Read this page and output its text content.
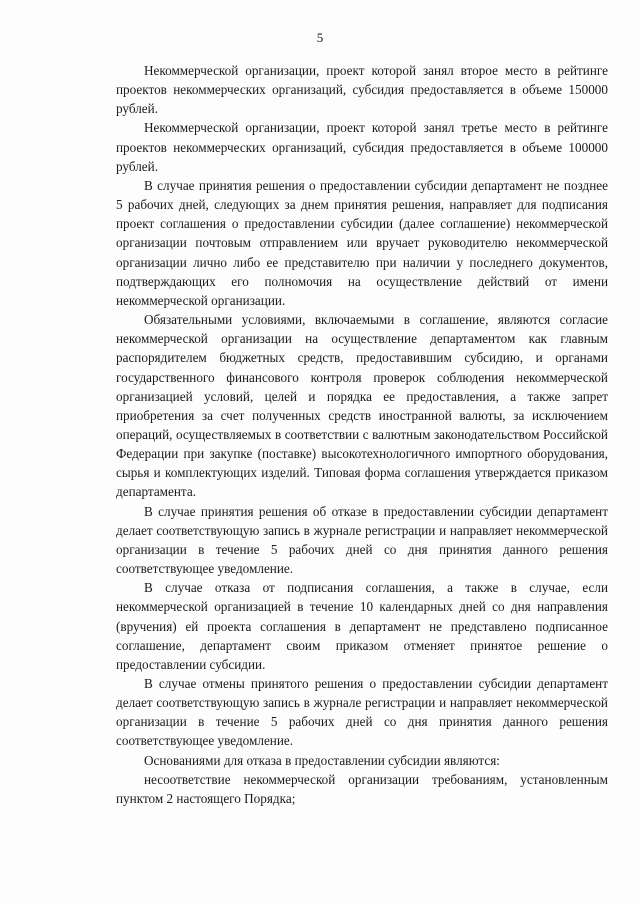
5

Некоммерческой организации, проект которой занял второе место в рейтинге проектов некоммерческих организаций, субсидия предоставляется в объеме 150000 рублей.

Некоммерческой организации, проект которой занял третье место в рейтинге проектов некоммерческих организаций, субсидия предоставляется в объеме 100000 рублей.

В случае принятия решения о предоставлении субсидии департамент не позднее 5 рабочих дней, следующих за днем принятия решения, направляет для подписания проект соглашения о предоставлении субсидии (далее соглашение) некоммерческой организации почтовым отправлением или вручает руководителю некоммерческой организации лично либо ее представителю при наличии у последнего документов, подтверждающих его полномочия на осуществление действий от имени некоммерческой организации.

Обязательными условиями, включаемыми в соглашение, являются согласие некоммерческой организации на осуществление департаментом как главным распорядителем бюджетных средств, предоставившим субсидию, и органами государственного финансового контроля проверок соблюдения некоммерческой организацией условий, целей и порядка ее предоставления, а также запрет приобретения за счет полученных средств иностранной валюты, за исключением операций, осуществляемых в соответствии с валютным законодательством Российской Федерации при закупке (поставке) высокотехнологичного импортного оборудования, сырья и комплектующих изделий. Типовая форма соглашения утверждается приказом департамента.

В случае принятия решения об отказе в предоставлении субсидии департамент делает соответствующую запись в журнале регистрации и направляет некоммерческой организации в течение 5 рабочих дней со дня принятия данного решения соответствующее уведомление.

В случае отказа от подписания соглашения, а также в случае, если некоммерческой организацией в течение 10 календарных дней со дня направления (вручения) ей проекта соглашения в департамент не представлено подписанное соглашение, департамент своим приказом отменяет принятое решение о предоставлении субсидии.

В случае отмены принятого решения о предоставлении субсидии департамент делает соответствующую запись в журнале регистрации и направляет некоммерческой организации в течение 5 рабочих дней со дня принятия данного решения соответствующее уведомление.

Основаниями для отказа в предоставлении субсидии являются:

несоответствие некоммерческой организации требованиям, установленным пунктом 2 настоящего Порядка;
